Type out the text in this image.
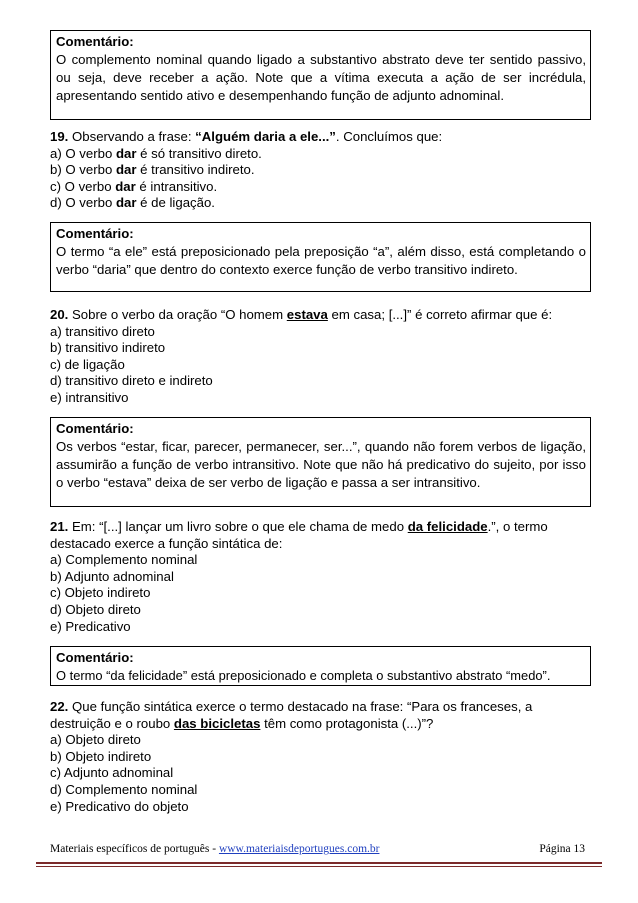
Comentário:
O complemento nominal quando ligado a substantivo abstrato deve ter sentido passivo, ou seja, deve receber a ação. Note que a vítima executa a ação de ser incrédula, apresentando sentido ativo e desempenhando função de adjunto adnominal.
19. Observando a frase: “Alguém daria a ele...”. Concluímos que:
a) O verbo dar é só transitivo direto.
b) O verbo dar é transitivo indireto.
c) O verbo dar é intransitivo.
d) O verbo dar é de ligação.
Comentário:
O termo “a ele” está preposicionado pela preposição “a”, além disso, está completando o verbo “daria” que dentro do contexto exerce função de verbo transitivo indireto.
20. Sobre o verbo da oração “O homem estava em casa; [...]” é correto afirmar que é:
a) transitivo direto
b) transitivo indireto
c) de ligação
d) transitivo direto e indireto
e) intransitivo
Comentário:
Os verbos “estar, ficar, parecer, permanecer, ser...”, quando não forem verbos de ligação, assumirão a função de verbo intransitivo. Note que não há predicativo do sujeito, por isso o verbo “estava” deixa de ser verbo de ligação e passa a ser intransitivo.
21. Em: “[...] lançar um livro sobre o que ele chama de medo da felicidade.”, o termo destacado exerce a função sintática de:
a) Complemento nominal
b) Adjunto adnominal
c) Objeto indireto
d) Objeto direto
e) Predicativo
Comentário:
O termo “da felicidade” está preposicionado e completa o substantivo abstrato “medo”.
22. Que função sintática exerce o termo destacado na frase: “Para os franceses, a destruição e o roubo das bicicletas têm como protagonista (...)”?
a) Objeto direto
b) Objeto indireto
c) Adjunto adnominal
d) Complemento nominal
e) Predicativo do objeto
Materiais específicos de português - www.materiaisdeportugues.com.br	Página 13
